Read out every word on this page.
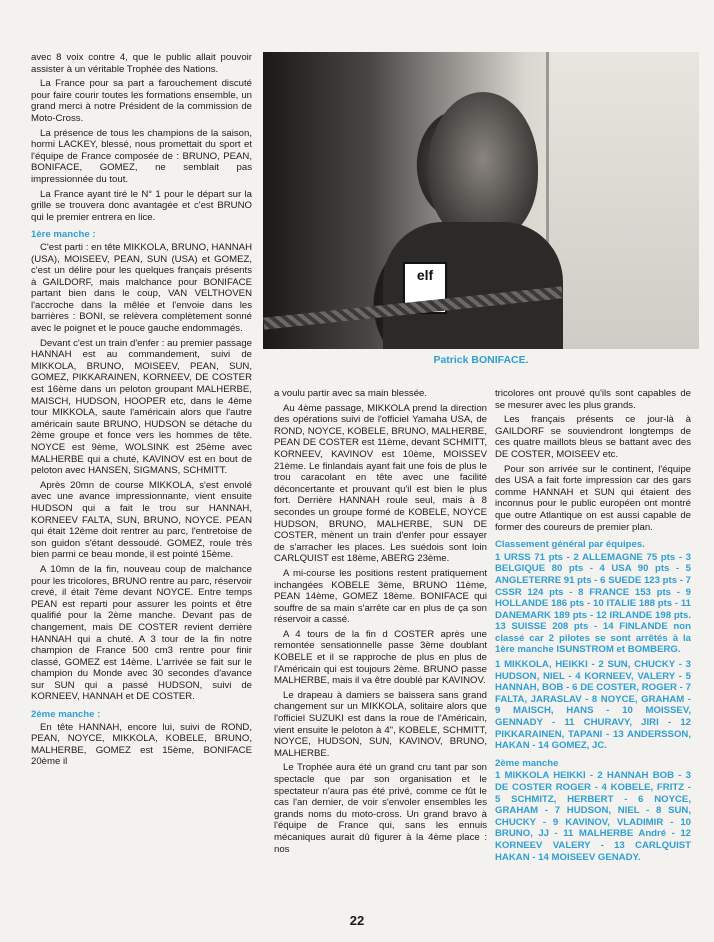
avec 8 voix contre 4, que le public allait pouvoir assister à un véritable Trophée des Nations.

La France pour sa part a farouchement discuté pour faire courir toutes les formations ensemble, un grand merci à notre Président de la commission de Moto-Cross.

La présence de tous les champions de la saison, hormi LACKEY, blessé, nous promettait du sport et l'équipe de France composée de : BRUNO, PEAN, BONIFACE, GOMEZ, ne semblait pas impressionnée du tout.

La France ayant tiré le N° 1 pour le départ sur la grille se trouvera donc avantagée et c'est BRUNO qui le premier entrera en lice.

1ère manche :

C'est parti : en tête MIKKOLA, BRUNO, HANNAH (USA), MOISEEV, PEAN, SUN (USA) et GOMEZ, c'est un délire pour les quelques français présents à GAILDORF, mais malchance pour BONIFACE partant bien dans le coup, VAN VELTHOVEN l'accroche dans la mêlée et l'envoie dans les barrières : BONI, se relèvera complètement sonné avec le poignet et le pouce gauche endommagés.

Devant c'est un train d'enfer : au premier passage HANNAH est au commandement, suivi de MIKKOLA, BRUNO, MOISEEV, PEAN, SUN, GOMEZ, PIKKARAINEN, KORNEEV, DE COSTER est 16ème dans un peloton groupant MALHERBE, MAISCH, HUDSON, HOOPER etc, dans le 4ème tour MIKKOLA, saute l'américain alors que l'autre américain saute BRUNO, HUDSON se détache du 2ème groupe et fonce vers les hommes de tête. NOYCE est 9ème, WOLSINK est 25ème avec MALHERBE qui a chuté, KAVINOV est en bout de peloton avec HANSEN, SIGMANS, SCHMITT.

Après 20mn de course MIKKOLA, s'est envolé avec une avance impressionnante, vient ensuite HUDSON qui a fait le trou sur HANNAH, KORNEEV FALTA, SUN, BRUNO, NOYCE. PEAN qui était 12ème doit rentrer au parc, l'entretoise de son guidon s'étant dessoudé. GOMEZ, roule très bien parmi ce beau monde, il est pointé 15ème.

A 10mn de la fin, nouveau coup de malchance pour les tricolores, BRUNO rentre au parc, réservoir crevé, il était 7ème devant NOYCE. Entre temps PEAN est reparti pour assurer les points et être qualifié pour la 2ème manche. Devant pas de changement, mais DE COSTER revient derrière HANNAH qui a chuté. A 3 tour de la fin notre champion de France 500 cm3 rentre pour finir classé, GOMEZ est 14ème. L'arrivée se fait sur le champion du Monde avec 30 secondes d'avance sur SUN qui a passé HUDSON, suivi de KORNEEV, HANNAH et DE COSTER.

2ème manche :

En tête HANNAH, encore lui, suivi de ROND, PEAN, NOYCE, MIKKOLA, KOBELE, BRUNO, MALHERBE, GOMEZ est 15ème, BONIFACE 20ème il

elf
Patrick BONIFACE.

a voulu partir avec sa main blessée.

Au 4ème passage, MIKKOLA prend la direction des opérations suivi de l'officiel Yamaha USA, de ROND, NOYCE, KOBELE, BRUNO, MALHERBE, PEAN DE COSTER est 11ème, devant SCHMITT, KORNEEV, KAVINOV est 10ème, MOISSEV 21ème. Le finlandais ayant fait une fois de plus le trou caracolant en tête avec une facilité déconcertante et prouvant qu'il est bien le plus fort. Derrière HANNAH roule seul, mais à 8 secondes un groupe formé de KOBELE, NOYCE HUDSON, BRUNO, MALHERBE, SUN DE COSTER, mènent un train d'enfer pour essayer de s'arracher les places. Les suédois sont loin CARLQUIST est 18ème, ABERG 23ème.

A mi-course les positions restent pratiquement inchangées KOBELE 3ème, BRUNO 11ème, PEAN 14ème, GOMEZ 18ème. BONIFACE qui souffre de sa main s'arrête car en plus de ça son réservoir a cassé.

A 4 tours de la fin d COSTER après une remontée sensationnelle passe 3ème doublant KOBELE et il se rapproche de plus en plus de l'Américain qui est toujours 2ème. BRUNO passe MALHERBE, mais il va être doublé par KAVINOV.

Le drapeau à damiers se baissera sans grand changement sur un MIKKOLA, solitaire alors que l'officiel SUZUKI est dans la roue de l'Américain, vient ensuite le peloton à 4", KOBELE, SCHMITT, NOYCE, HUDSON, SUN, KAVINOV, BRUNO, MALHERBE.

Le Trophée aura été un grand cru tant par son spectacle que par son organisation et le spectateur n'aura pas été privé, comme ce fût le cas l'an dernier, de voir s'envoler ensembles les grands noms du moto-cross. Un grand bravo à l'équipe de France qui, sans les ennuis mécaniques aurait dû figurer à la 4ème place : nos

tricolores ont prouvé qu'ils sont capables de se mesurer avec les plus grands.

Les français présents ce jour-là à GAILDORF se souviendront longtemps de ces quatre maillots bleus se battant avec des DE COSTER, MOISEEV etc.

Pour son arrivée sur le continent, l'équipe des USA a fait forte impression car des gars comme HANNAH et SUN qui étaient des inconnus pour le public européen ont montré que outre Atlantique on est aussi capable de former des coureurs de premier plan.

Classement général par équipes.

1 URSS 71 pts - 2 ALLEMAGNE 75 pts - 3 BELGIQUE 80 pts - 4 USA 90 pts - 5 ANGLETERRE 91 pts - 6 SUEDE 123 pts - 7 CSSR 124 pts - 8 FRANCE 153 pts - 9 HOLLANDE 186 pts - 10 ITALIE 188 pts - 11 DANEMARK 189 pts - 12 IRLANDE 198 pts. 13 SUISSE 208 pts - 14 FINLANDE non classé car 2 pilotes se sont arrêtés à la 1ère manche ISUNSTROM et BOMBERG.

1 MIKKOLA, HEIKKI - 2 SUN, CHUCKY - 3 HUDSON, NIEL - 4 KORNEEV, VALERY - 5 HANNAH, BOB - 6 DE COSTER, ROGER - 7 FALTA, JARASLAV - 8 NOYCE, GRAHAM - 9 MAISCH, HANS - 10 MOISSEV, GENNADY - 11 CHURAVY, JIRI - 12 PIKKARAINEN, TAPANI - 13 ANDERSSON, HAKAN - 14 GOMEZ, JC.

2ème manche

1 MIKKOLA HEIKKI - 2 HANNAH BOB - 3 DE COSTER ROGER - 4 KOBELE, FRITZ - 5 SCHMITZ, HERBERT - 6 NOYCE, GRAHAM - 7 HUDSON, NIEL - 8 SUN, CHUCKY - 9 KAVINOV, VLADIMIR - 10 BRUNO, JJ - 11 MALHERBE André - 12 KORNEEV VALERY - 13 CARLQUIST HAKAN - 14 MOISEEV GENADY.

22
